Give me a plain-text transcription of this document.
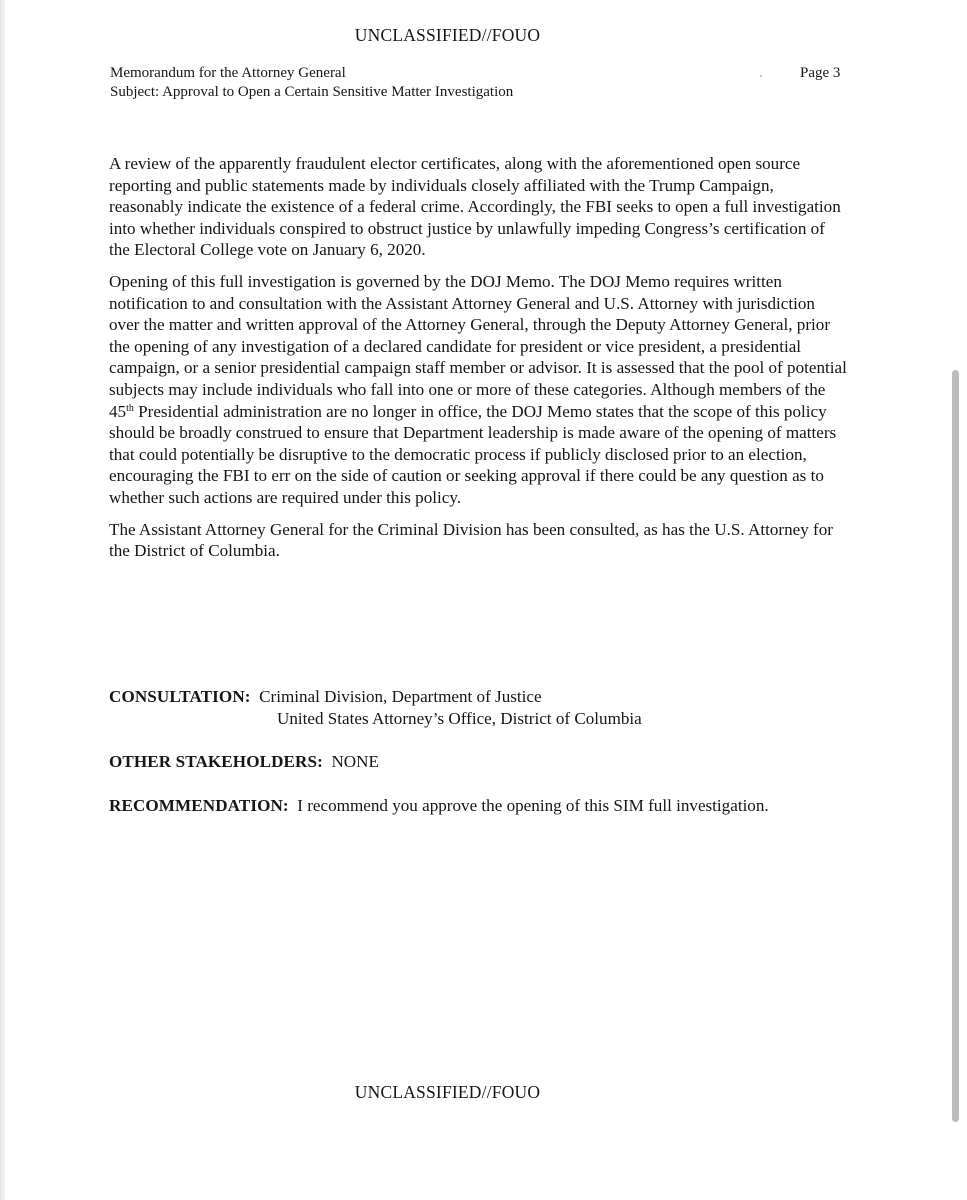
UNCLASSIFIED//FOUO
Memorandum for the Attorney General
Subject: Approval to Open a Certain Sensitive Matter Investigation
Page 3

A review of the apparently fraudulent elector certificates, along with the aforementioned open source reporting and public statements made by individuals closely affiliated with the Trump Campaign, reasonably indicate the existence of a federal crime. Accordingly, the FBI seeks to open a full investigation into whether individuals conspired to obstruct justice by unlawfully impeding Congress’s certification of the Electoral College vote on January 6, 2020.

Opening of this full investigation is governed by the DOJ Memo. The DOJ Memo requires written notification to and consultation with the Assistant Attorney General and U.S. Attorney with jurisdiction over the matter and written approval of the Attorney General, through the Deputy Attorney General, prior the opening of any investigation of a declared candidate for president or vice president, a presidential campaign, or a senior presidential campaign staff member or advisor. It is assessed that the pool of potential subjects may include individuals who fall into one or more of these categories. Although members of the 45th Presidential administration are no longer in office, the DOJ Memo states that the scope of this policy should be broadly construed to ensure that Department leadership is made aware of the opening of matters that could potentially be disruptive to the democratic process if publicly disclosed prior to an election, encouraging the FBI to err on the side of caution or seeking approval if there could be any question as to whether such actions are required under this policy.

The Assistant Attorney General for the Criminal Division has been consulted, as has the U.S. Attorney for the District of Columbia.

CONSULTATION: Criminal Division, Department of Justice
United States Attorney’s Office, District of Columbia
OTHER STAKEHOLDERS: NONE
RECOMMENDATION: I recommend you approve the opening of this SIM full investigation.
UNCLASSIFIED//FOUO
